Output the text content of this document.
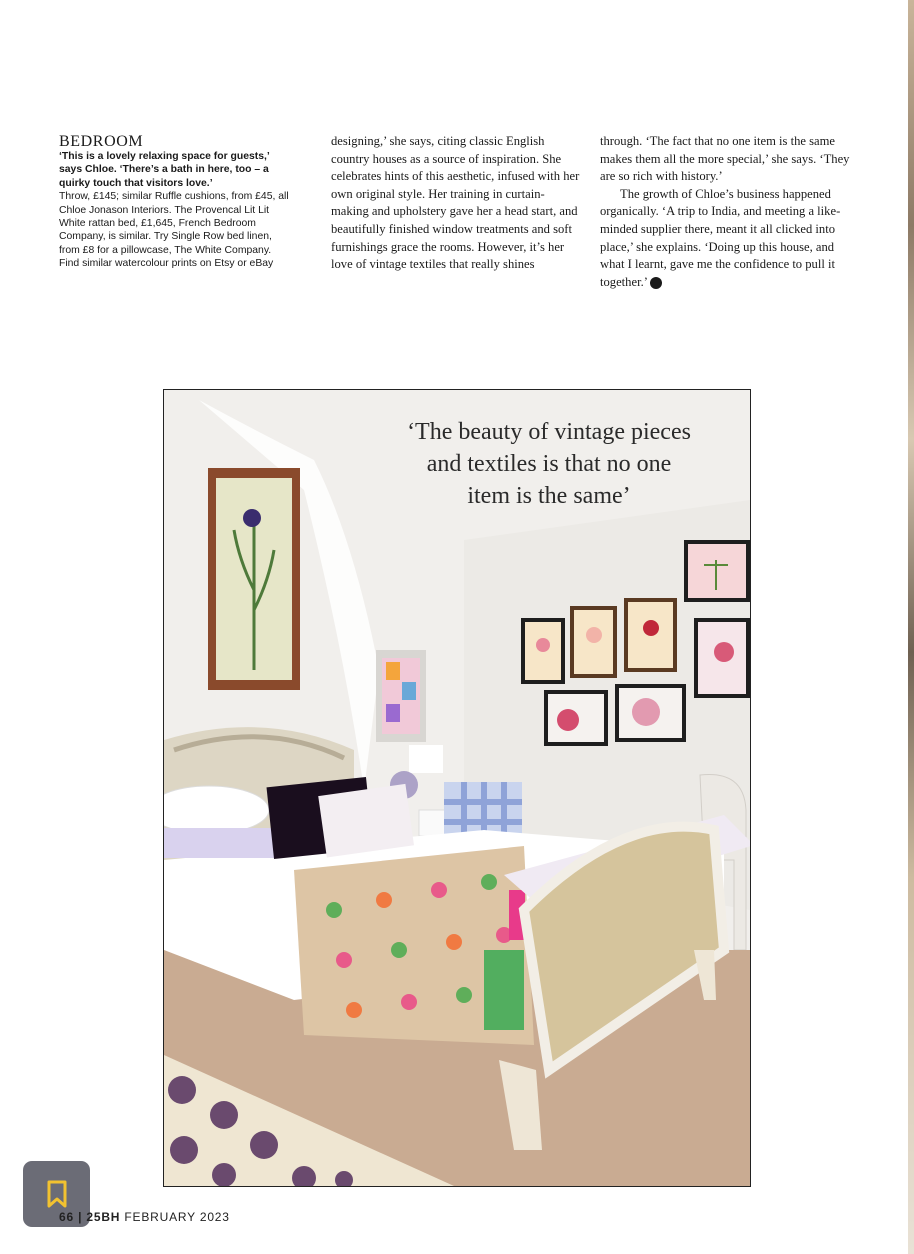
BEDROOM

‘This is a lovely relaxing space for guests,’ says Chloe. ‘There’s a bath in here, too – a quirky touch that visitors love.’

Throw, £145; similar Ruffle cushions, from £45, all Chloe Jonason Interiors. The Provencal Lit Lit White rattan bed, £1,645, French Bedroom Company, is similar. Try Single Row bed linen, from £8 for a pillowcase, The White Company. Find similar watercolour prints on Etsy or eBay

designing,’ she says, citing classic English country houses as a source of inspiration. She celebrates hints of this aesthetic, infused with her own original style. Her training in curtain-making and upholstery gave her a head start, and beautifully finished window treatments and soft furnishings grace the rooms. However, it’s her love of vintage textiles that really shines

through. ‘The fact that no one item is the same makes them all the more special,’ she says. ‘They are so rich with history.’

The growth of Chloe’s business happened organically. ‘A trip to India, and meeting a like-minded supplier there, meant it all clicked into place,’ she explains. ‘Doing up this house, and what I learnt, gave me the confidence to pull it together.’	25

‘The beauty of vintage pieces and textiles is that no one item is the same’
66 | 25BH FEBRUARY 2023
